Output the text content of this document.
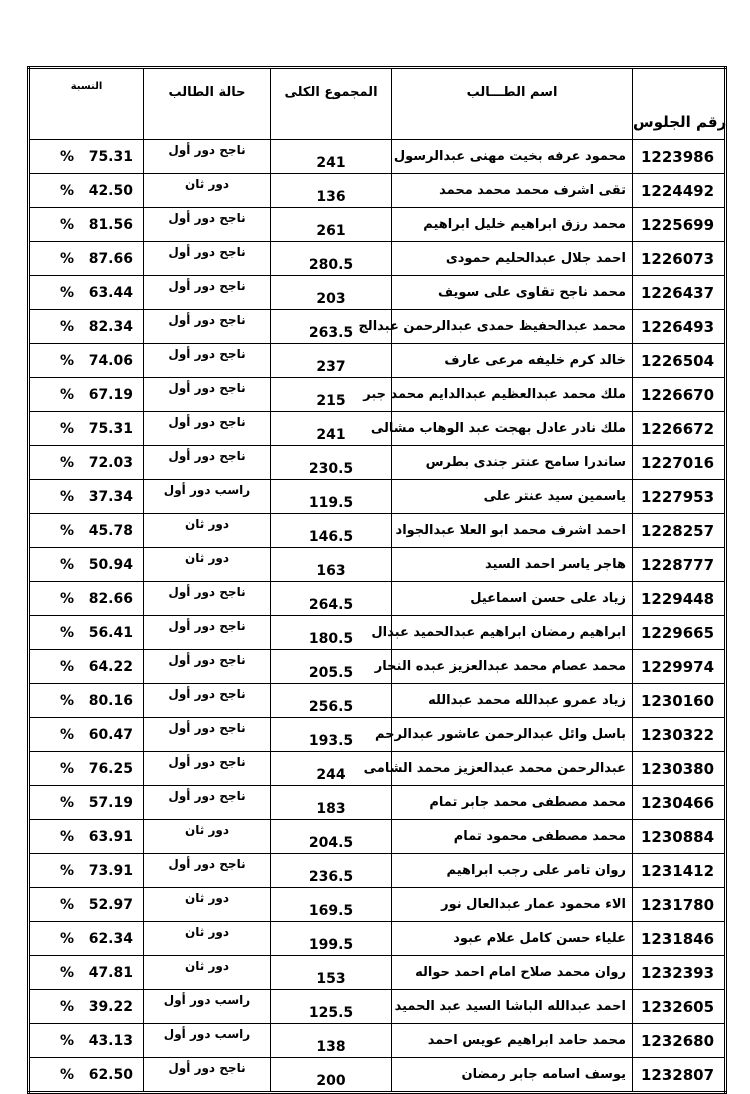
النسبة	حالة الطالب	المجموع الكلى	اسم الطـــالب	رقم الجلوس

% 75.31	ناجح دور أول	241	محمود عرفه بخيت مهنى عبدالرسول	1223986

% 42.50	دور ثان	136	تقى اشرف محمد محمد محمد	1224492

% 81.56	ناجح دور أول	261	محمد رزق ابراهيم خليل ابراهيم	1225699

% 87.66	ناجح دور أول	280.5	احمد جلال عبدالحليم حمودى	1226073

% 63.44	ناجح دور أول	203	محمد ناجح تقاوى على سويف	1226437

% 82.34	ناجح دور أول	263.5	محمد عبدالحفيظ حمدى عبدالرحمن عبدالج	1226493

% 74.06	ناجح دور أول	237	خالد كرم خليفه مرعى عارف	1226504

% 67.19	ناجح دور أول	215	ملك محمد عبدالعظيم عبدالدايم محمد جبر	1226670

% 75.31	ناجح دور أول	241	ملك نادر عادل بهجت عبد الوهاب مشالى	1226672

% 72.03	ناجح دور أول	230.5	ساندرا سامح عنتر جندى بطرس	1227016

% 37.34	راسب دور أول	119.5	ياسمين سيد عنتر على	1227953

% 45.78	دور ثان	146.5	احمد اشرف محمد ابو العلا عبدالجواد	1228257

% 50.94	دور ثان	163	هاجر ياسر احمد السيد	1228777

% 82.66	ناجح دور أول	264.5	زياد على حسن اسماعيل	1229448

% 56.41	ناجح دور أول	180.5	ابراهيم رمضان ابراهيم عبدالحميد عبدال	1229665

% 64.22	ناجح دور أول	205.5	محمد عصام محمد عبدالعزيز عبده النجار	1229974

% 80.16	ناجح دور أول	256.5	زياد عمرو عبدالله محمد عبدالله	1230160

% 60.47	ناجح دور أول	193.5	باسل وائل عبدالرحمن عاشور عبدالرحم	1230322

% 76.25	ناجح دور أول	244	عبدالرحمن محمد عبدالعزيز محمد الشامى	1230380

% 57.19	ناجح دور أول	183	محمد مصطفى محمد جابر تمام	1230466

% 63.91	دور ثان	204.5	محمد مصطفى محمود تمام	1230884

% 73.91	ناجح دور أول	236.5	روان تامر على رجب ابراهيم	1231412

% 52.97	دور ثان	169.5	الاء محمود عمار عبدالعال نور	1231780

% 62.34	دور ثان	199.5	علياء حسن كامل علام عبود	1231846

% 47.81	دور ثان	153	روان محمد صلاح امام احمد حواله	1232393

% 39.22	راسب دور أول	125.5	احمد عبدالله الباشا السيد عبد الحميد	1232605

% 43.13	راسب دور أول	138	محمد حامد ابراهيم عويس احمد	1232680

% 62.50	ناجح دور أول	200	يوسف اسامه جابر رمضان	1232807
